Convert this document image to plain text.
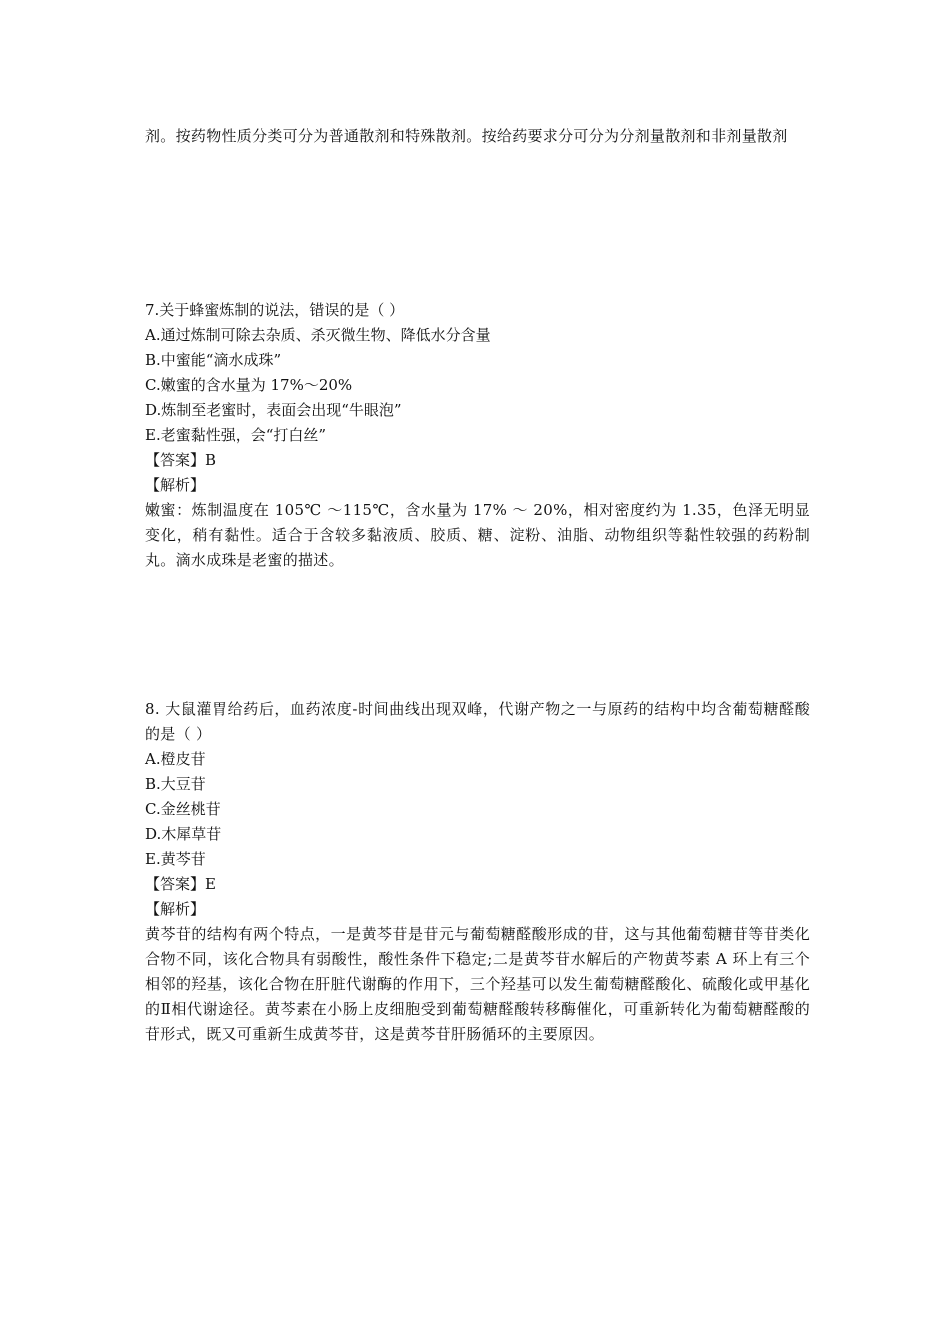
剂。按药物性质分类可分为普通散剂和特殊散剂。按给药要求分可分为分剂量散剂和非剂量散剂
7.关于蜂蜜炼制的说法，错误的是（ ）
A.通过炼制可除去杂质、杀灭微生物、降低水分含量
B.中蜜能“滴水成珠”
C.嫩蜜的含水量为 17%～20%
D.炼制至老蜜时，表面会出现“牛眼泡”
E.老蜜黏性强，会“打白丝”
【答案】B
【解析】
嫩蜜：炼制温度在 105℃ ～115℃，含水量为 17% ～ 20%，相对密度约为 1.35，色泽无明显变化，稍有黏性。适合于含较多黏液质、胶质、糖、淀粉、油脂、动物组织等黏性较强的药粉制丸。滴水成珠是老蜜的描述。
8. 大鼠灌胃给药后，血药浓度-时间曲线出现双峰，代谢产物之一与原药的结构中均含葡萄糖醛酸的是（ ）
A.橙皮苷
B.大豆苷
C.金丝桃苷
D.木犀草苷
E.黄芩苷
【答案】E
【解析】
黄芩苷的结构有两个特点，一是黄芩苷是苷元与葡萄糖醛酸形成的苷，这与其他葡萄糖苷等苷类化合物不同，该化合物具有弱酸性，酸性条件下稳定;二是黄芩苷水解后的产物黄芩素 A 环上有三个相邻的羟基，该化合物在肝脏代谢酶的作用下，三个羟基可以发生葡萄糖醛酸化、硫酸化或甲基化的Ⅱ相代谢途径。黄芩素在小肠上皮细胞受到葡萄糖醛酸转移酶催化，可重新转化为葡萄糖醛酸的苷形式，既又可重新生成黄芩苷，这是黄芩苷肝肠循环的主要原因。
